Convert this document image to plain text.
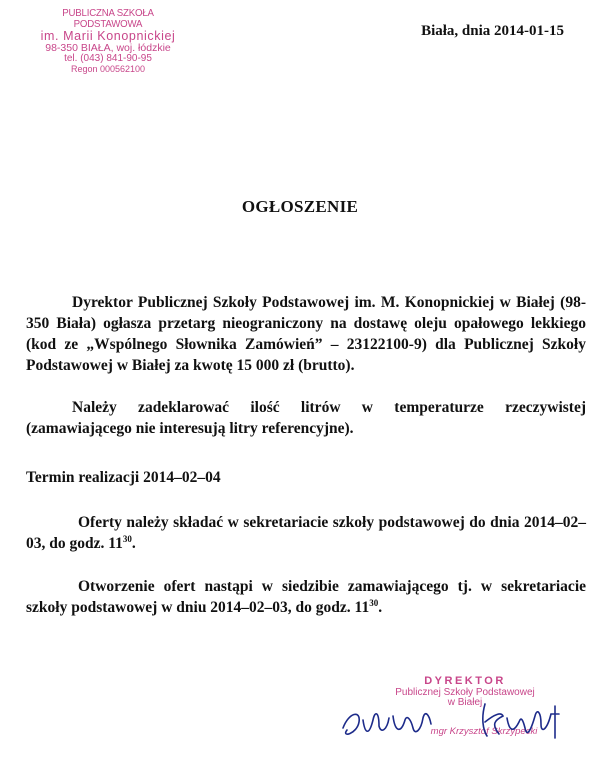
PUBLICZNA SZKOŁA PODSTAWOWA
im. Marii Konopnickiej
98-350 BIAŁA, woj. łódzkie
tel. (043) 841-90-95
Regon 000562100
Biała, dnia 2014-01-15
OGŁOSZENIE

Dyrektor Publicznej Szkoły Podstawowej im. M. Konopnickiej w Białej (98-350 Biała) ogłasza przetarg nieograniczony na dostawę oleju opałowego lekkiego (kod ze „Wspólnego Słownika Zamówień” – 23122100-9) dla Publicznej Szkoły Podstawowej w Białej za kwotę 15 000 zł (brutto).

Należy zadeklarować ilość litrów w temperaturze rzeczywistej (zamawiającego nie interesują litry referencyjne).

Termin realizacji 2014–02–04

Oferty należy składać w sekretariacie szkoły podstawowej do dnia 2014–02–03, do godz. $11^{30}$.

Otworzenie ofert nastąpi w siedzibie zamawiającego tj. w sekretariacie szkoły podstawowej w dniu 2014–02–03, do godz. $11^{30}$.

DYREKTOR
Publicznej Szkoły Podstawowej
w Białej
mgr Krzysztof Skrzypecki
